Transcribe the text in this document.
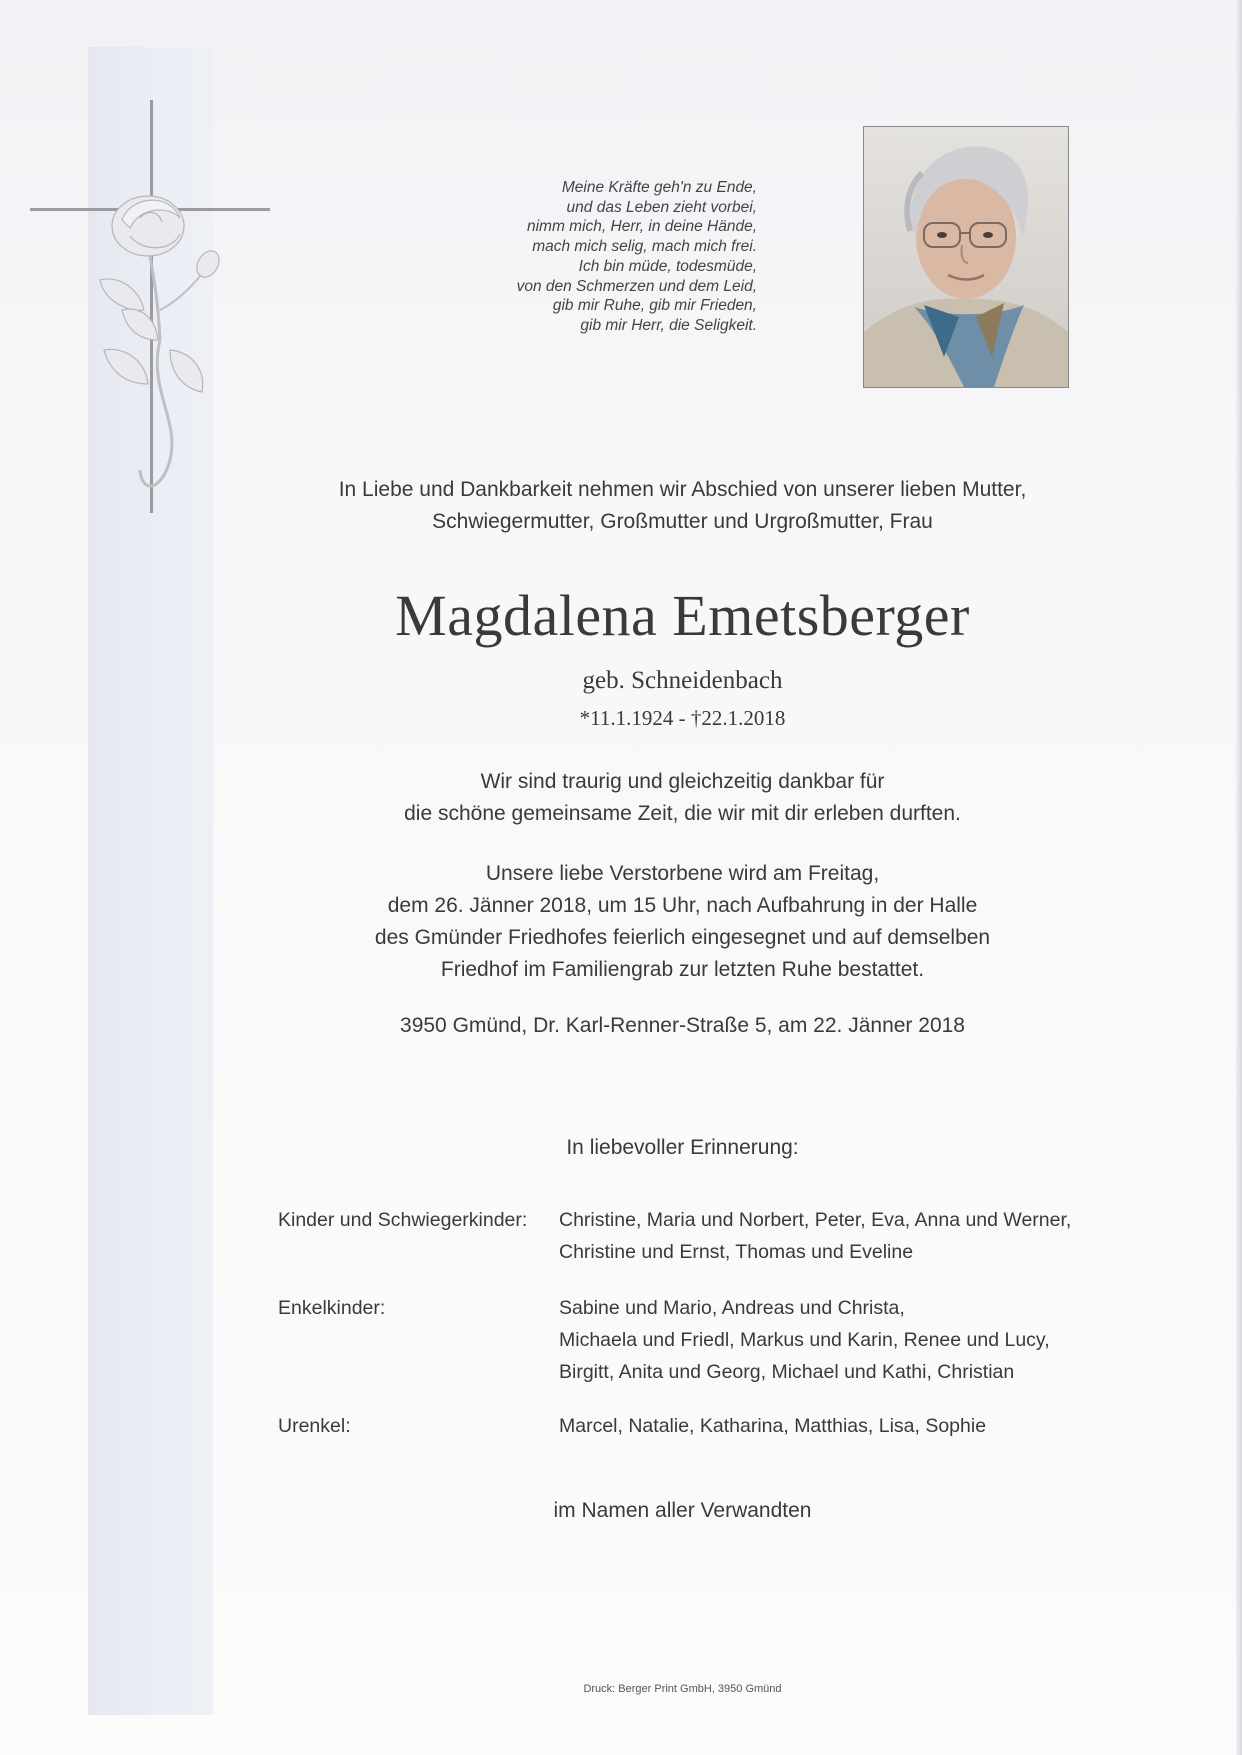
Meine Kräfte geh'n zu Ende,
und das Leben zieht vorbei,
nimm mich, Herr, in deine Hände,
mach mich selig, mach mich frei.
Ich bin müde, todesmüde,
von den Schmerzen und dem Leid,
gib mir Ruhe, gib mir Frieden,
gib mir Herr, die Seligkeit.
In Liebe und Dankbarkeit nehmen wir Abschied von unserer lieben Mutter,
Schwiegermutter, Großmutter und Urgroßmutter, Frau
Magdalena Emetsberger
geb. Schneidenbach
*11.1.1924 - †22.1.2018
Wir sind traurig und gleichzeitig dankbar für
die schöne gemeinsame Zeit, die wir mit dir erleben durften.
Unsere liebe Verstorbene wird am Freitag,
dem 26. Jänner 2018, um 15 Uhr, nach Aufbahrung in der Halle
des Gmünder Friedhofes feierlich eingesegnet und auf demselben
Friedhof im Familiengrab zur letzten Ruhe bestattet.
3950 Gmünd, Dr. Karl-Renner-Straße 5, am 22. Jänner 2018
In liebevoller Erinnerung:
Kinder und Schwiegerkinder: Christine, Maria und Norbert, Peter, Eva, Anna und Werner,
Christine und Ernst, Thomas und Eveline
Enkelkinder:	Sabine und Mario, Andreas und Christa,
Michaela und Friedl, Markus und Karin, Renee und Lucy,
Birgitt, Anita und Georg, Michael und Kathi, Christian
Urenkel:	Marcel, Natalie, Katharina, Matthias, Lisa, Sophie
im Namen aller Verwandten
Druck: Berger Print GmbH, 3950 Gmünd
